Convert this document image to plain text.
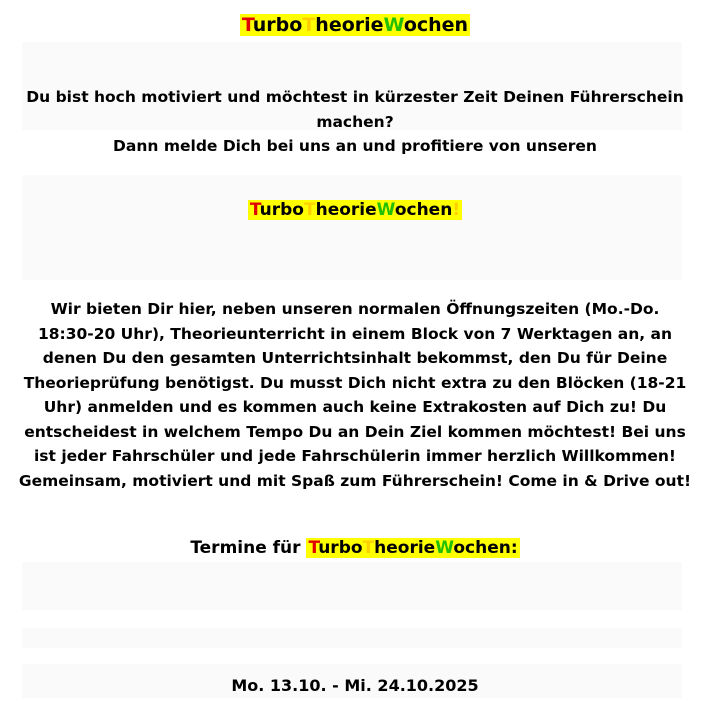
TurboTheorieWochen
Du bist hoch motiviert und möchtest in kürzester Zeit Deinen Führerschein
machen?
Dann melde Dich bei uns an und profitiere von unseren
TurboTheorieWochen!
Wir bieten Dir hier, neben unseren normalen Öffnungszeiten (Mo.-Do.
18:30-20 Uhr), Theorieunterricht in einem Block von 7 Werktagen an, an
denen Du den gesamten Unterrichtsinhalt bekommst, den Du für Deine
Theorieprüfung benötigst. Du musst Dich nicht extra zu den Blöcken (18-21
Uhr) anmelden und es kommen auch keine Extrakosten auf Dich zu! Du
entscheidest in welchem Tempo Du an Dein Ziel kommen möchtest! Bei uns
ist jeder Fahrschüler und jede Fahrschülerin immer herzlich Willkommen!
Gemeinsam, motiviert und mit Spaß zum Führerschein! Come in & Drive out!
Termine für TurboTheorieWochen:
Mo. 13.10. - Mi. 24.10.2025
